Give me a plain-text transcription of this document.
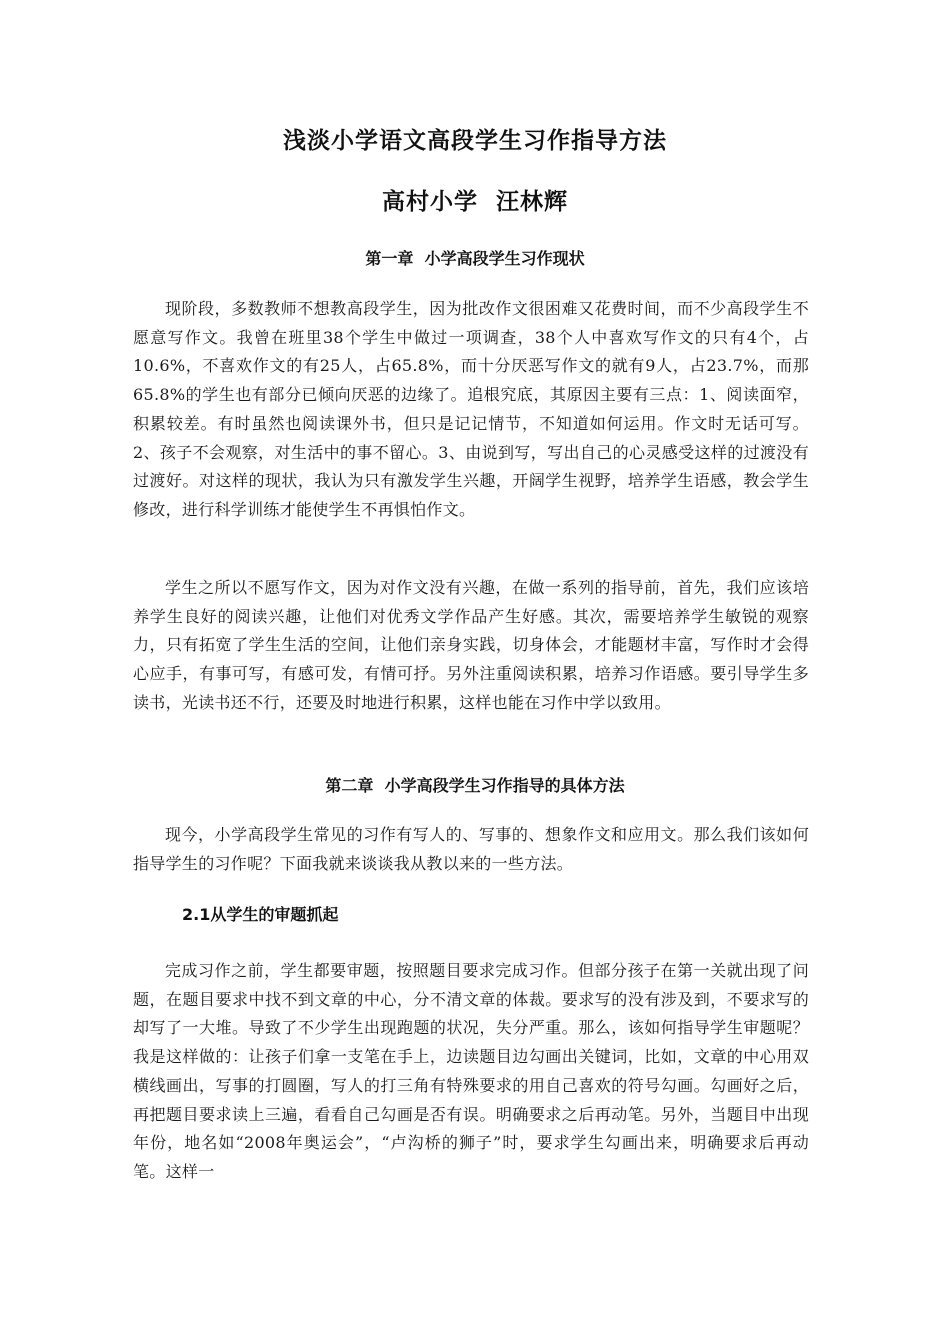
浅淡小学语文高段学生习作指导方法
高村小学  汪林辉
第一章  小学高段学生习作现状

现阶段，多数教师不想教高段学生，因为批改作文很困难又花费时间，而不少高段学生不愿意写作文。我曾在班里38个学生中做过一项调查，38个人中喜欢写作文的只有4个，占10.6%，不喜欢作文的有25人，占65.8%，而十分厌恶写作文的就有9人，占23.7%，而那65.8%的学生也有部分已倾向厌恶的边缘了。追根究底，其原因主要有三点：1、阅读面窄，积累较差。有时虽然也阅读课外书，但只是记记情节，不知道如何运用。作文时无话可写。2、孩子不会观察，对生活中的事不留心。3、由说到写，写出自己的心灵感受这样的过渡没有过渡好。对这样的现状，我认为只有激发学生兴趣，开阔学生视野，培养学生语感，教会学生修改，进行科学训练才能使学生不再惧怕作文。

学生之所以不愿写作文，因为对作文没有兴趣，在做一系列的指导前，首先，我们应该培养学生良好的阅读兴趣，让他们对优秀文学作品产生好感。其次，需要培养学生敏锐的观察力，只有拓宽了学生生活的空间，让他们亲身实践，切身体会，才能题材丰富，写作时才会得心应手，有事可写，有感可发，有情可抒。另外注重阅读积累，培养习作语感。要引导学生多读书，光读书还不行，还要及时地进行积累，这样也能在习作中学以致用。

第二章  小学高段学生习作指导的具体方法

现今，小学高段学生常见的习作有写人的、写事的、想象作文和应用文。那么我们该如何指导学生的习作呢？下面我就来谈谈我从教以来的一些方法。

2.1从学生的审题抓起

完成习作之前，学生都要审题，按照题目要求完成习作。但部分孩子在第一关就出现了问题，在题目要求中找不到文章的中心，分不清文章的体裁。要求写的没有涉及到，不要求写的却写了一大堆。导致了不少学生出现跑题的状况，失分严重。那么，该如何指导学生审题呢？我是这样做的：让孩子们拿一支笔在手上，边读题目边勾画出关键词，比如，文章的中心用双横线画出，写事的打圆圈，写人的打三角有特殊要求的用自己喜欢的符号勾画。勾画好之后，再把题目要求读上三遍，看看自己勾画是否有误。明确要求之后再动笔。另外，当题目中出现年份，地名如“2008年奥运会”，“卢沟桥的狮子”时，要求学生勾画出来，明确要求后再动笔。这样一
